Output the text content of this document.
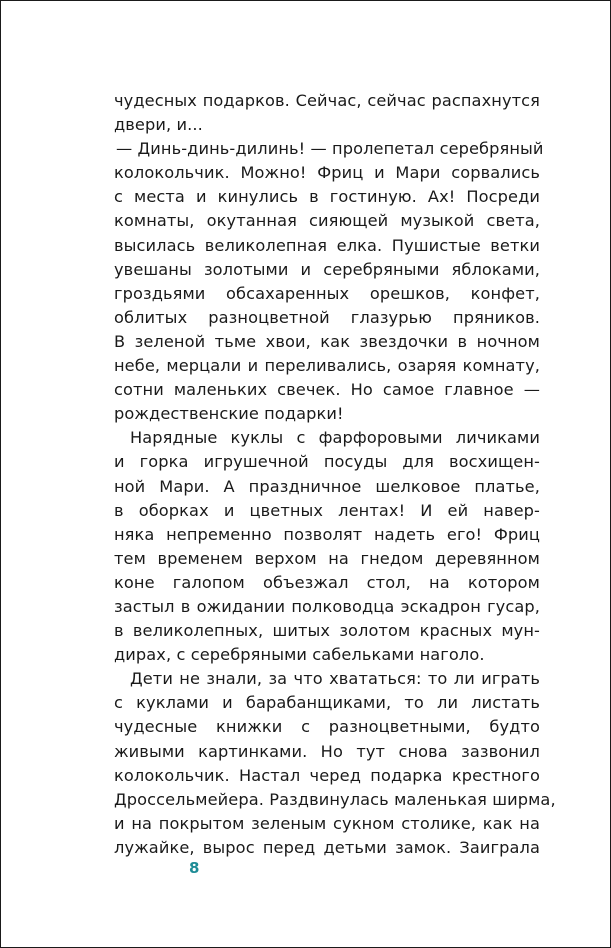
чудесных подарков. Сейчас, сейчас распахнутся
двери, и...
— Динь-динь-дилинь! — пролепетал серебряный
колокольчик. Можно! Фриц и Мари сорвались
с места и кинулись в гостиную. Ах! Посреди
комнаты, окутанная сияющей музыкой света,
высилась великолепная елка. Пушистые ветки
увешаны золотыми и серебряными яблоками,
гроздьями обсахаренных орешков, конфет,
облитых разноцветной глазурью пряников.
В зеленой тьме хвои, как звездочки в ночном
небе, мерцали и переливались, озаряя комнату,
сотни маленьких свечек. Но самое главное —
рождественские подарки!
Нарядные куклы с фарфоровыми личиками
и горка игрушечной посуды для восхищен-
ной Мари. А праздничное шелковое платье,
в оборках и цветных лентах! И ей навер-
няка непременно позволят надеть его! Фриц
тем временем верхом на гнедом деревянном
коне галопом объезжал стол, на котором
застыл в ожидании полководца эскадрон гусар,
в великолепных, шитых золотом красных мун-
дирах, с серебряными сабельками наголо.
Дети не знали, за что хвататься: то ли играть
с куклами и барабанщиками, то ли листать
чудесные книжки с разноцветными, будто
живыми картинками. Но тут снова зазвонил
колокольчик. Настал черед подарка крестного
Дроссельмейера. Раздвинулась маленькая ширма,
и на покрытом зеленым сукном столике, как на
лужайке, вырос перед детьми замок. Заиграла
8
